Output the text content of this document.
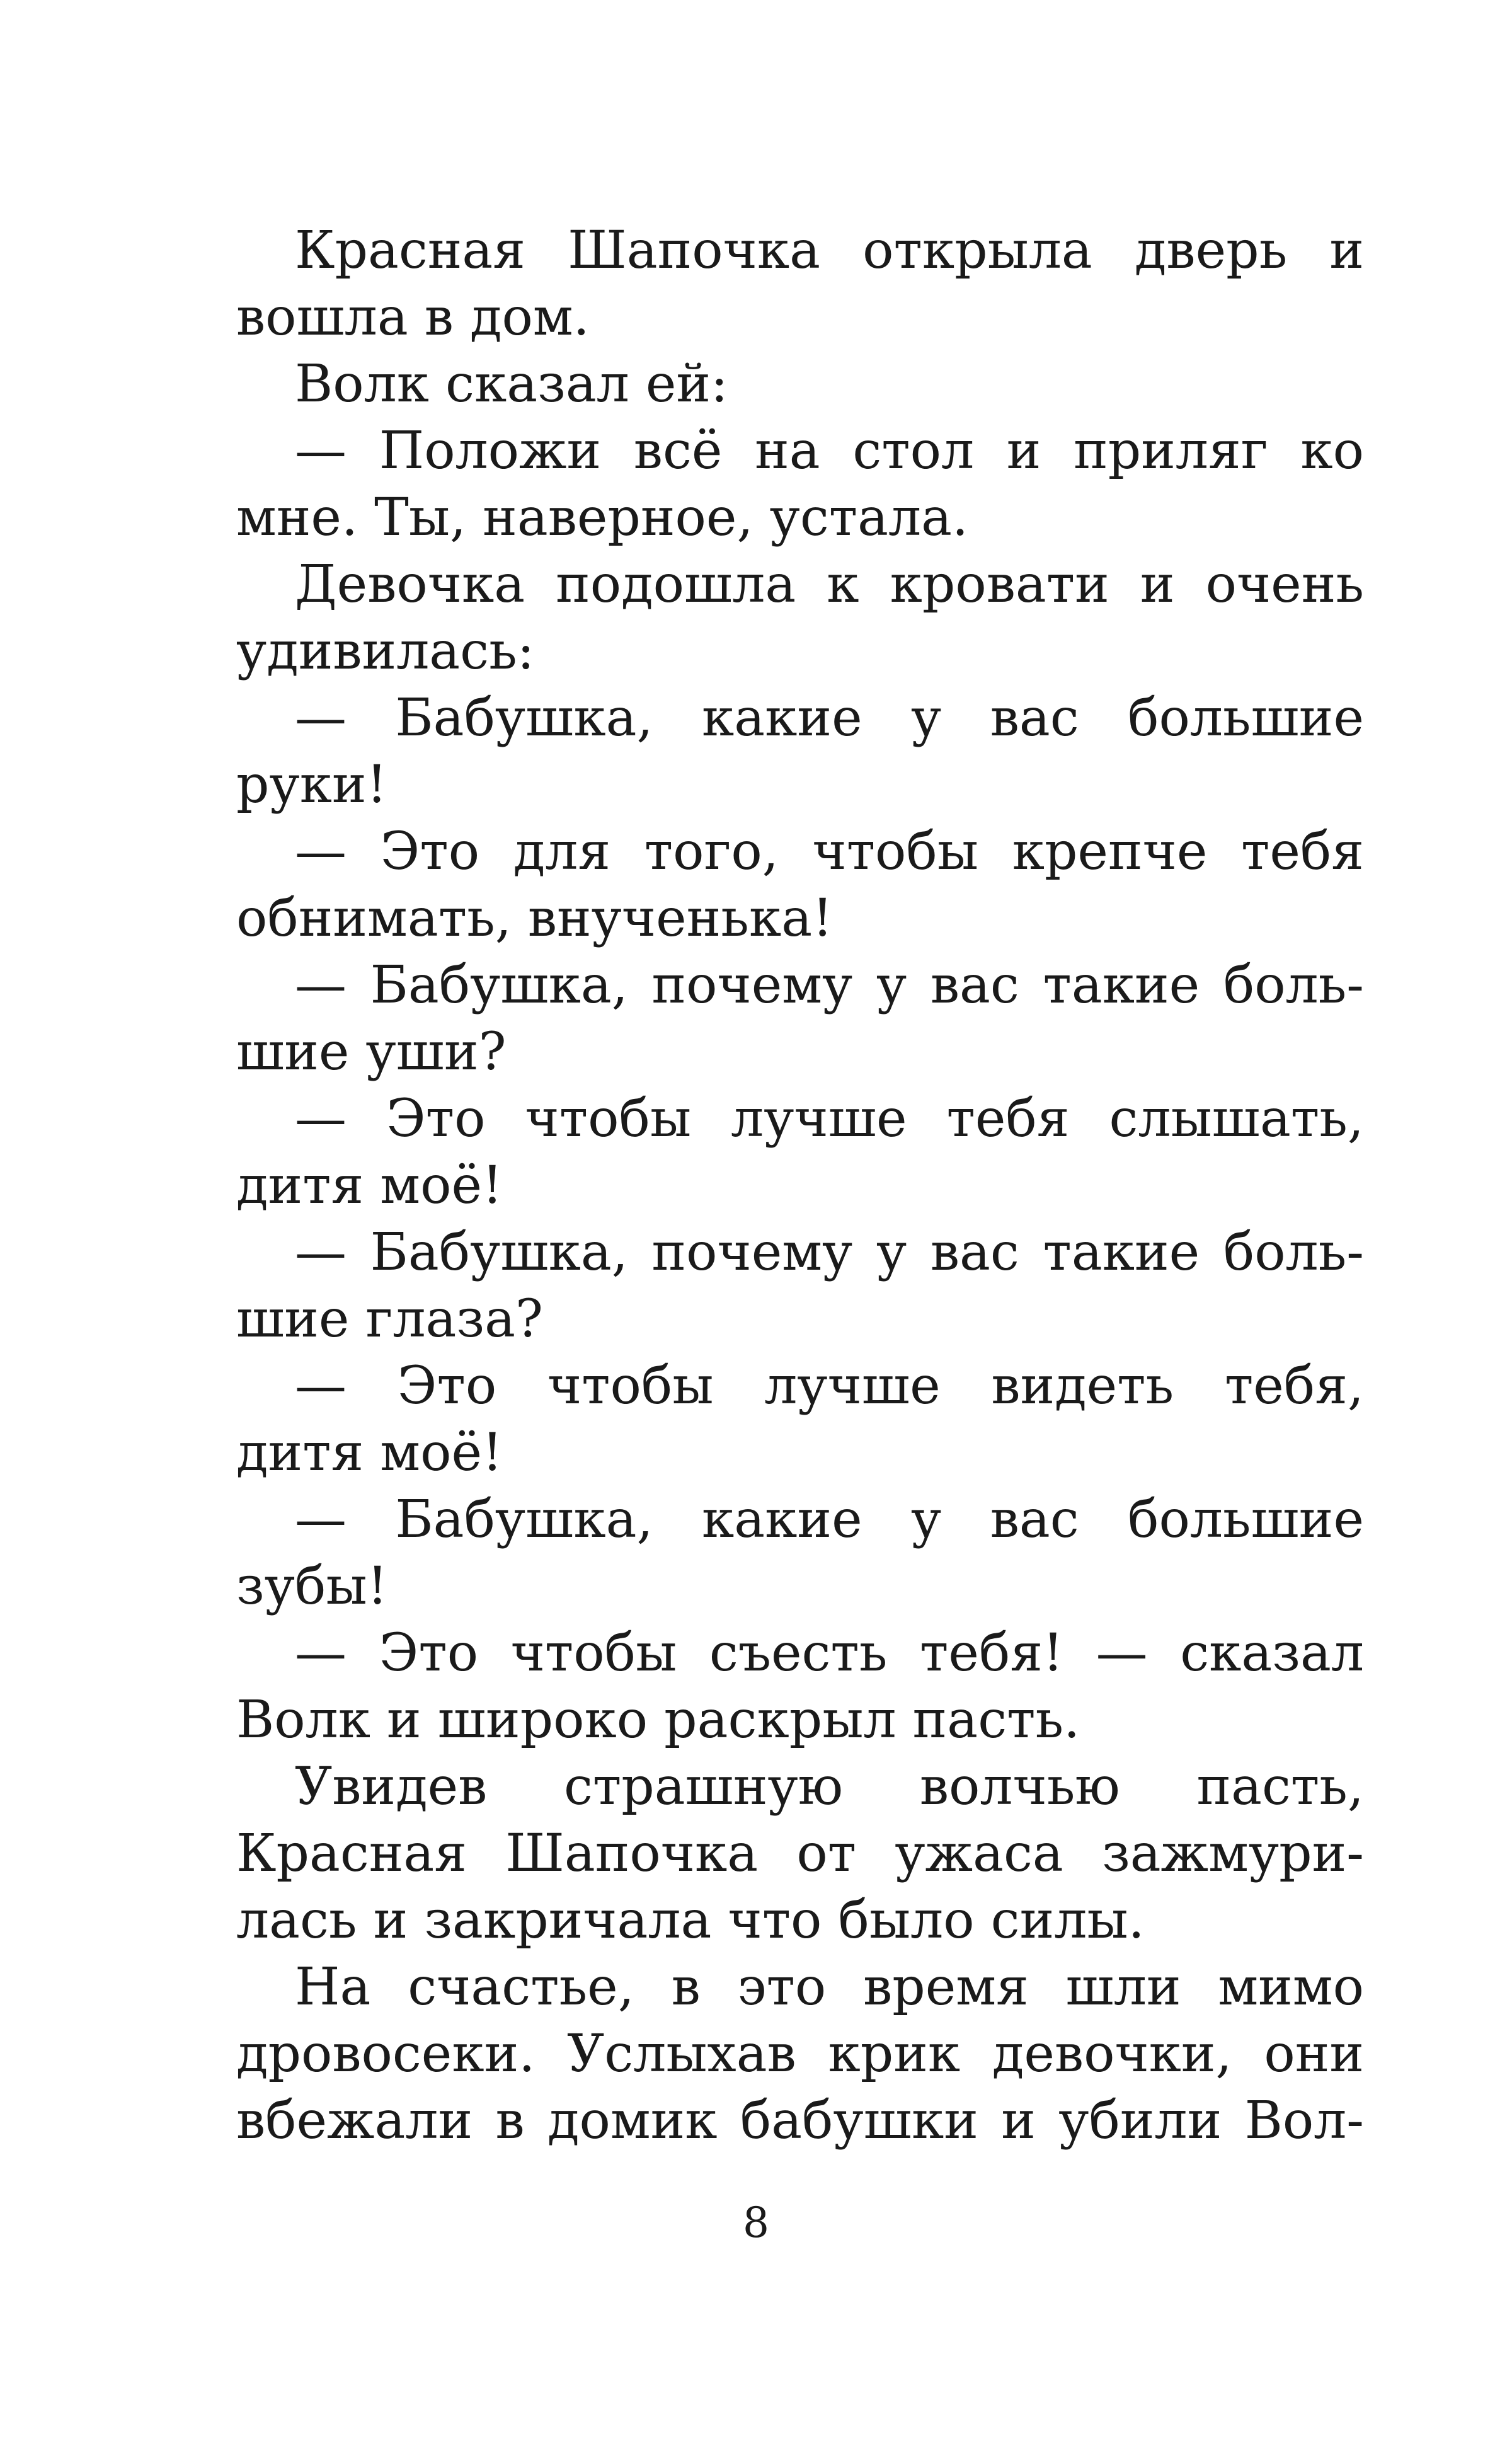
Красная Шапочка открыла дверь и
вошла в дом.
Волк сказал ей:
— Положи всё на стол и приляг ко
мне. Ты, наверное, устала.
Девочка подошла к кровати и очень
удивилась:
— Бабушка, какие у вас большие
руки!
— Это для того, чтобы крепче тебя
обнимать, внученька!
— Бабушка, почему у вас такие боль-
шие уши?
— Это чтобы лучше тебя слышать,
дитя моё!
— Бабушка, почему у вас такие боль-
шие глаза?
— Это чтобы лучше видеть тебя,
дитя моё!
— Бабушка, какие у вас большие
зубы!
— Это чтобы съесть тебя! — сказал
Волк и широко раскрыл пасть.
Увидев страшную волчью пасть,
Красная Шапочка от ужаса зажмури-
лась и закричала что было силы.
На счастье, в это время шли мимо
дровосеки. Услыхав крик девочки, они
вбежали в домик бабушки и убили Вол-
8
